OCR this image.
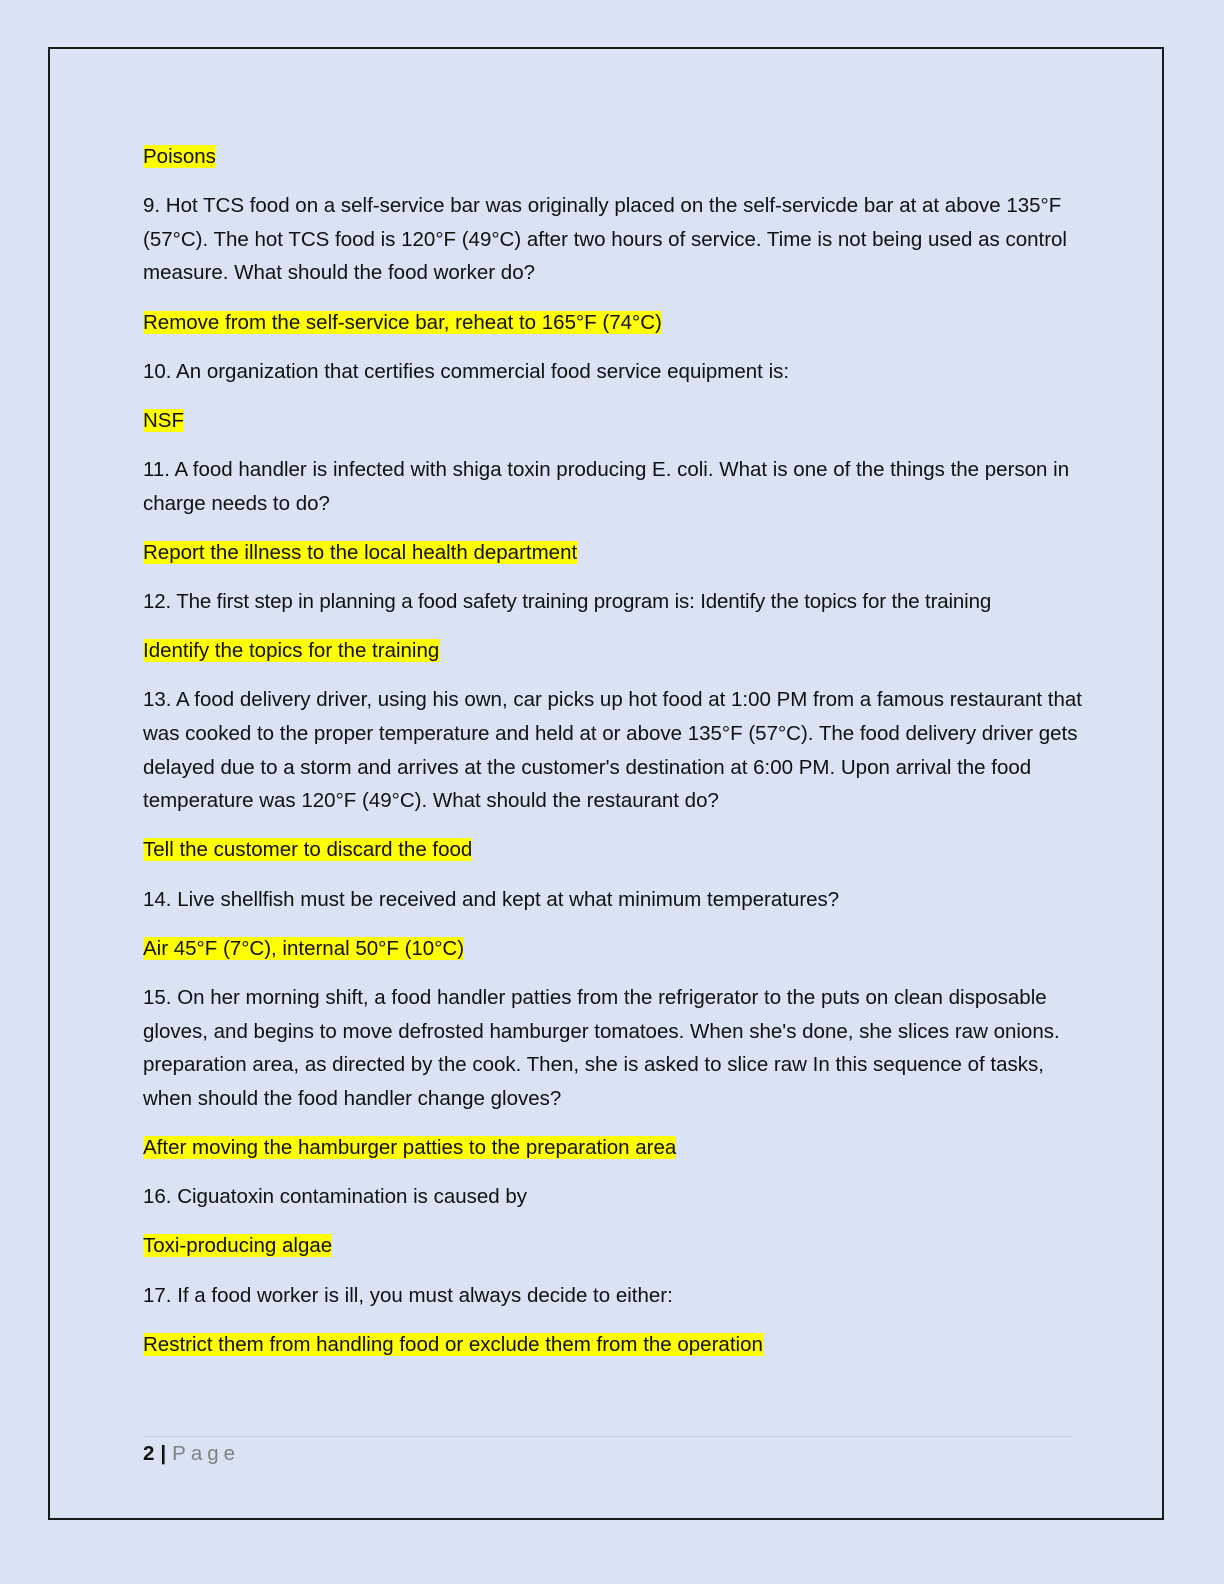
Poisons

9. Hot TCS food on a self-service bar was originally placed on the self-servicde bar at at above 135°F (57°C). The hot TCS food is 120°F (49°C) after two hours of service. Time is not being used as control measure. What should the food worker do?

Remove from the self-service bar, reheat to 165°F (74°C)

10. An organization that certifies commercial food service equipment is:

NSF

11. A food handler is infected with shiga toxin producing E. coli. What is one of the things the person in charge needs to do?

Report the illness to the local health department

12. The first step in planning a food safety training program is: Identify the topics for the training

Identify the topics for the training

13. A food delivery driver, using his own, car picks up hot food at 1:00 PM from a famous restaurant that was cooked to the proper temperature and held at or above 135°F (57°C). The food delivery driver gets delayed due to a storm and arrives at the customer's destination at 6:00 PM. Upon arrival the food temperature was 120°F (49°C). What should the restaurant do?

Tell the customer to discard the food

14. Live shellfish must be received and kept at what minimum temperatures?

Air 45°F (7°C), internal 50°F (10°C)

15. On her morning shift, a food handler patties from the refrigerator to the puts on clean disposable gloves, and begins to move defrosted hamburger tomatoes. When she's done, she slices raw onions. preparation area, as directed by the cook. Then, she is asked to slice raw In this sequence of tasks, when should the food handler change gloves?

After moving the hamburger patties to the preparation area

16. Ciguatoxin contamination is caused by

Toxi-producing algae

17. If a food worker is ill, you must always decide to either:

Restrict them from handling food or exclude them from the operation

2 | Page
